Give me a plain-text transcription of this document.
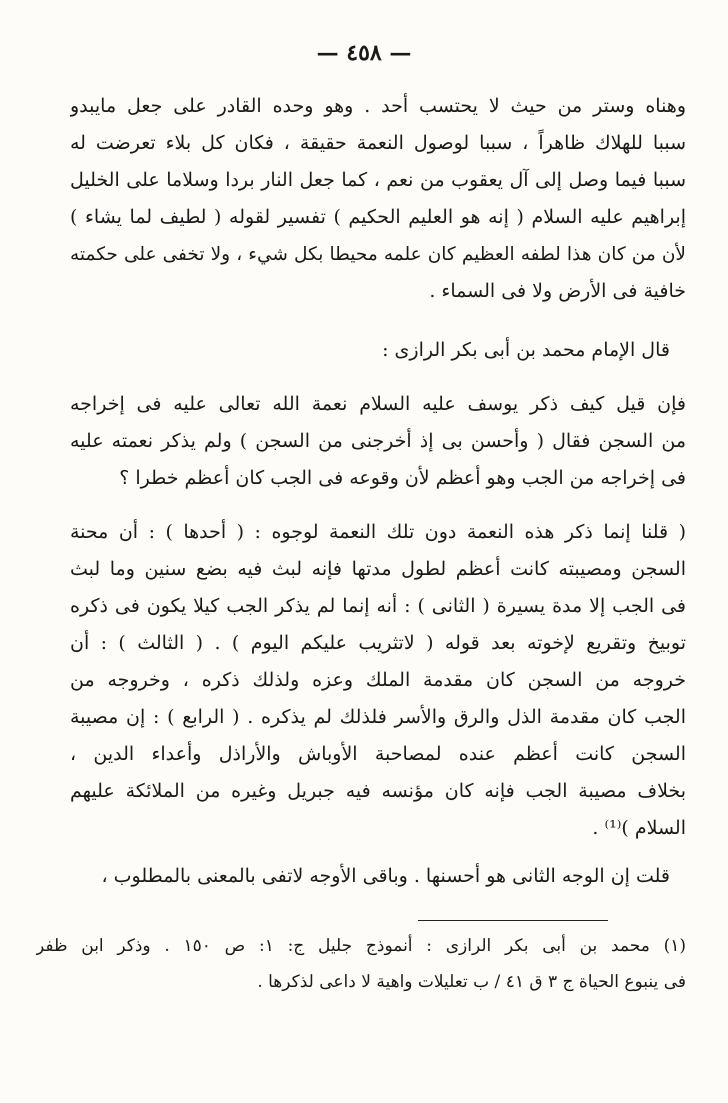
— ٤٥٨ —
وهناه وستر من حيث لا يحتسب أحد . وهو وحده القادر على جعل مايبدو
سببا للهلاك ظاهراً ، سببا لوصول النعمة حقيقة ، فكان كل بلاء تعرضت له
سببا فيما وصل إلى آل يعقوب من نعم ، كما جعل النار بردا وسلاما على الخليل
إبراهيم عليه السلام ( إنه هو العليم الحكيم ) تفسير لقوله ( لطيف لما يشاء )
لأن من كان هذا لطفه العظيم كان علمه محيطا بكل شيء ، ولا تخفى على حكمته
خافية فى الأرض ولا فى السماء .
قال الإمام محمد بن أبى بكر الرازى :
فإن قيل كيف ذكر يوسف عليه السلام نعمة الله تعالى عليه فى إخراجه
من السجن فقال ( وأحسن بى إذ أخرجنى من السجن ) ولم يذكر نعمته عليه
فى إخراجه من الجب وهو أعظم لأن وقوعه فى الجب كان أعظم خطرا ؟
( قلنا إنما ذكر هذه النعمة دون تلك النعمة لوجوه : ( أحدها ) : أن محنة
السجن ومصيبته كانت أعظم لطول مدتها فإنه لبث فيه بضع سنين وما لبث
فى الجب إلا مدة يسيرة ( الثانى ) : أنه إنما لم يذكر الجب كيلا يكون فى ذكره
توبيخ وتقريع لإخوته بعد قوله ( لاتثريب عليكم اليوم ) . ( الثالث ) : أن
خروجه من السجن كان مقدمة الملك وعزه ولذلك ذكره ، وخروجه من
الجب كان مقدمة الذل والرق والأسر فلذلك لم يذكره . ( الرابع ) : إن مصيبة
السجن كانت أعظم عنده لمصاحبة الأوباش والأراذل وأعداء الدين ،
بخلاف مصيبة الجب فإنه كان مؤنسه فيه جبريل وغيره من الملائكة عليهم
السلام )⁽¹⁾ .
قلت إن الوجه الثانى هو أحسنها . وباقى الأوجه لاتفى بالمعنى بالمطلوب ،
(١) محمد بن أبى بكر الرازى : أنموذج جليل ج: ١: ص ١٥٠ . وذكر ابن ظفر
فى ينبوع الحياة ج ٣ ق ٤١ / ب تعليلات واهية لا داعى لذكرها .
